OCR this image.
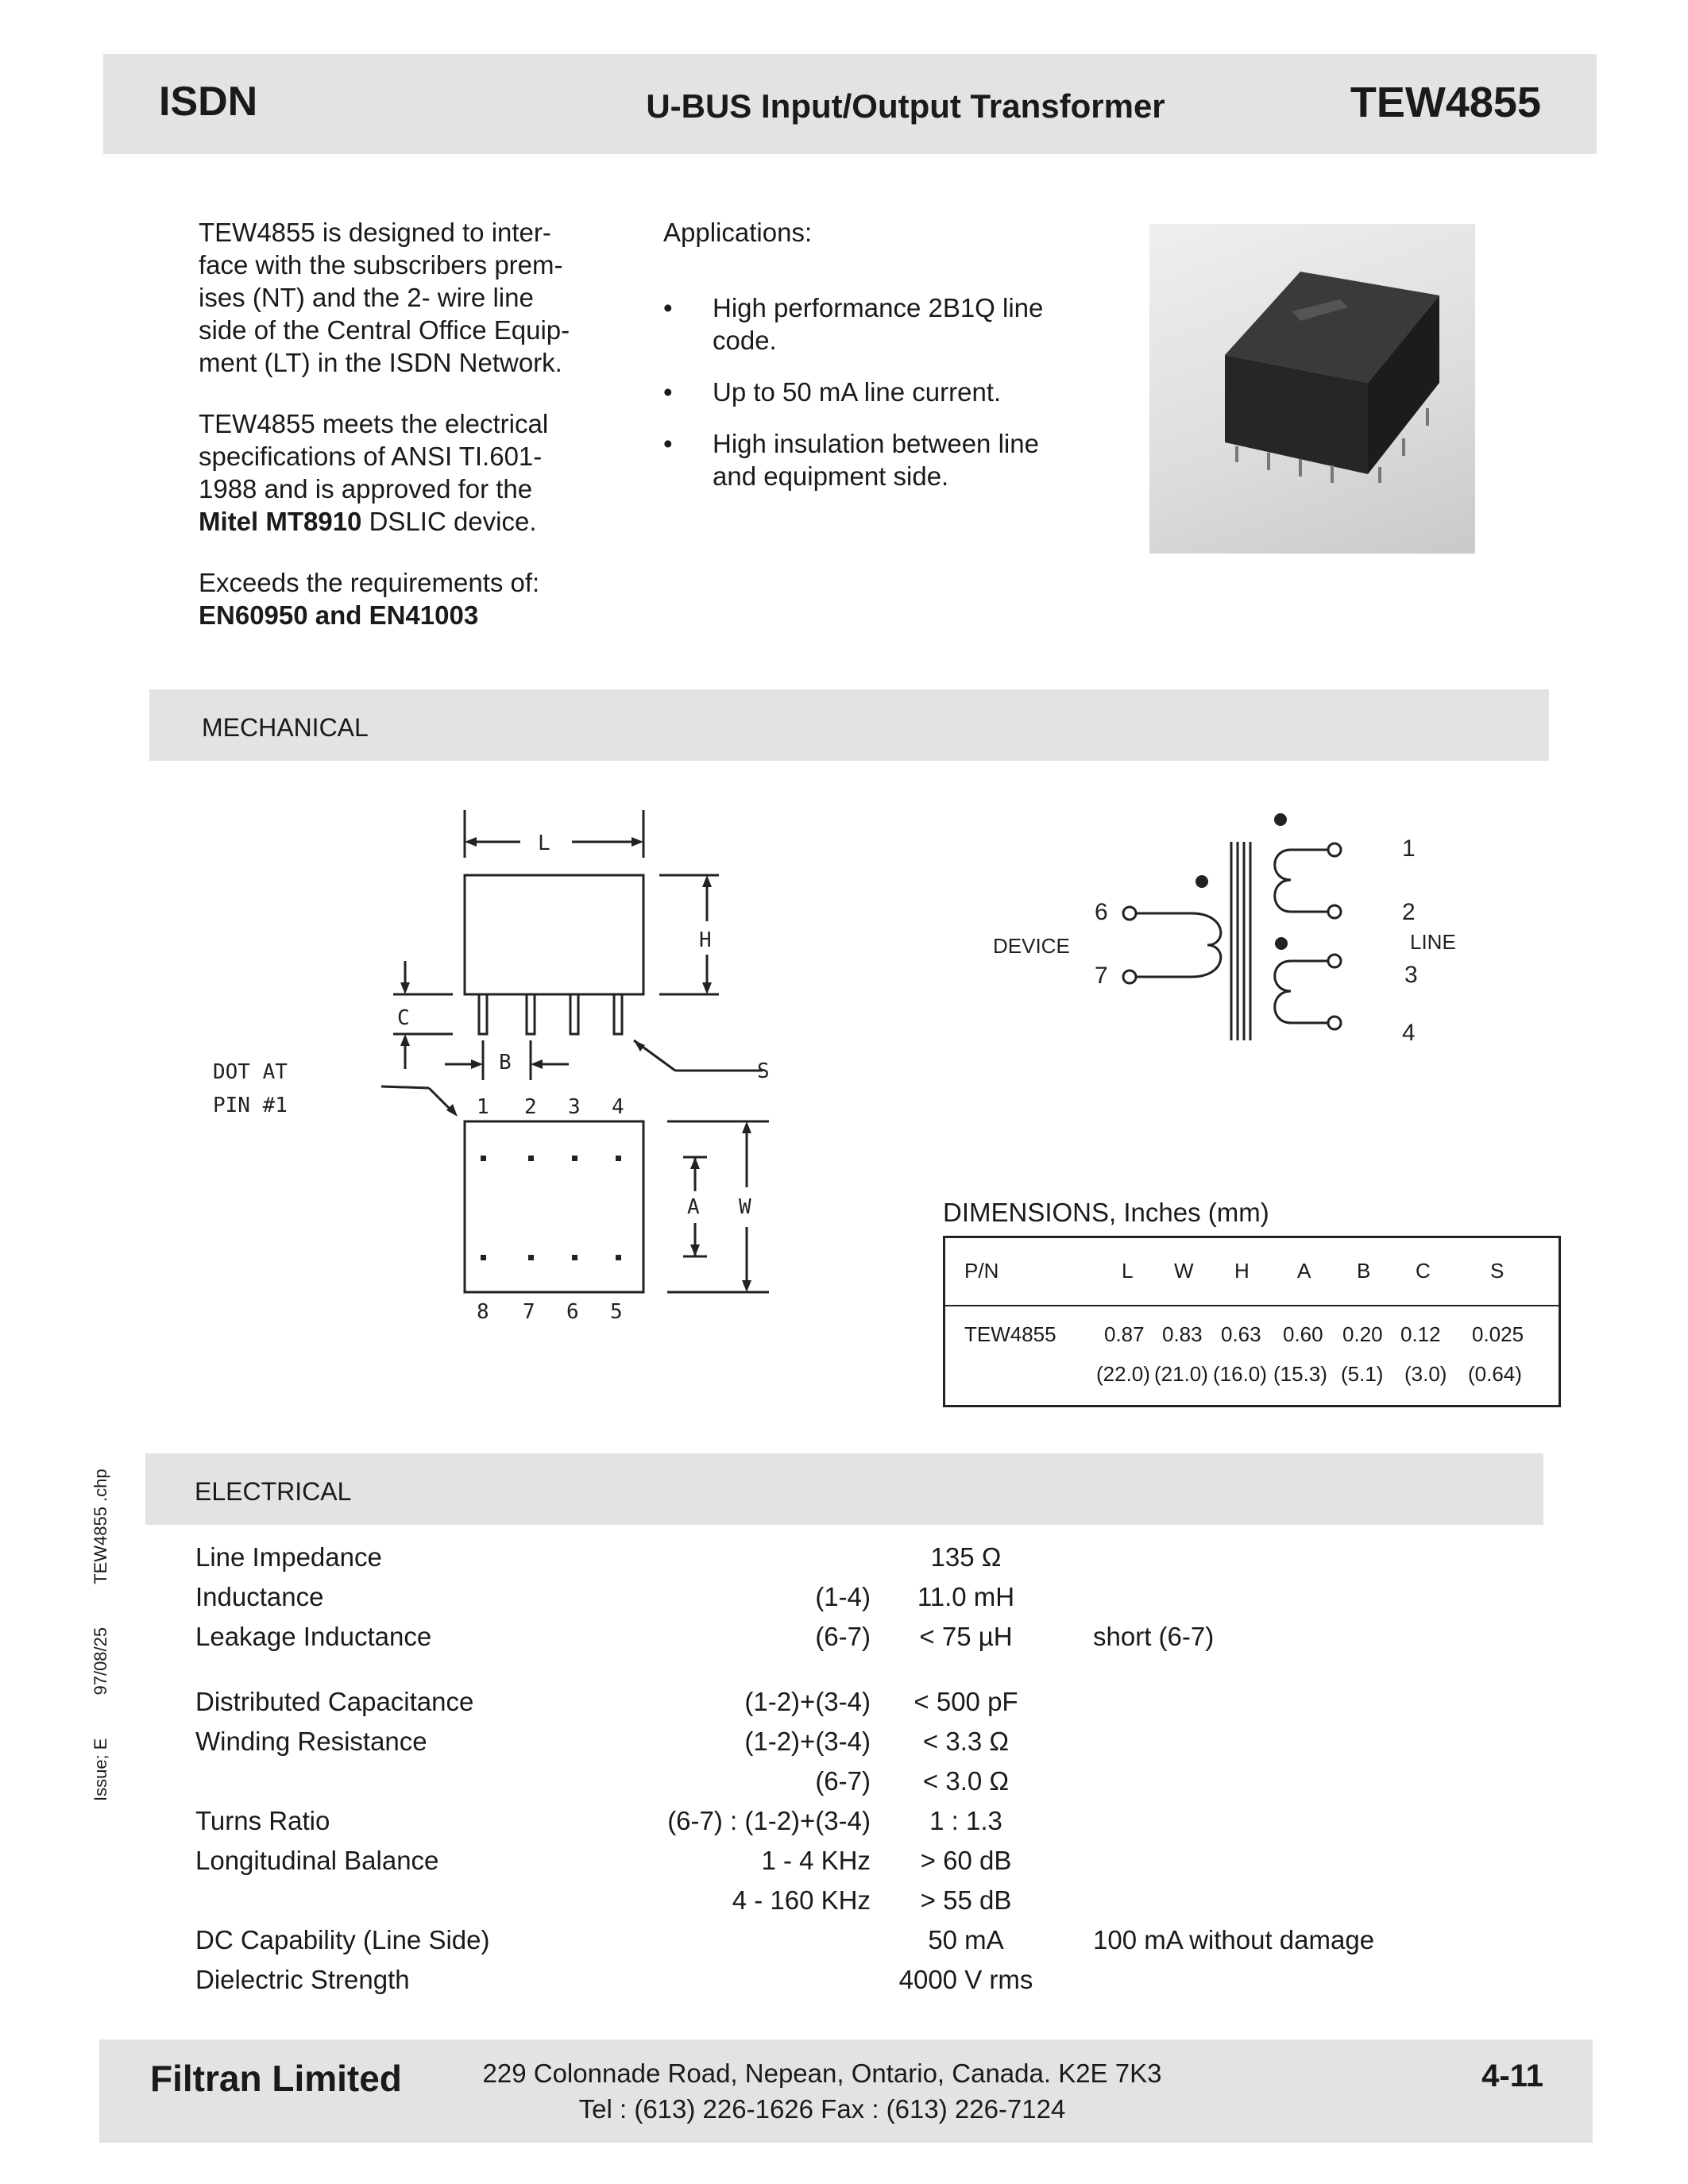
ISDN	U-BUS Input/Output Transformer	TEW4855
TEW4855 is designed to inter-
face with the subscribers prem-
ises (NT) and the 2- wire line
side of the Central Office Equip-
ment (LT) in the ISDN Network.
TEW4855 meets the electrical
specifications of ANSI TI.601-
1988 and is approved for the
Mitel MT8910 DSLIC device.
Exceeds the requirements of:
EN60950 and EN41003
Applications:
• High performance 2B1Q line
code.
• Up to 50 mA line current.
• High insulation between line
and equipment side.
MECHANICAL
L
H
C
B	S
A W
DOT AT
PIN #1	1 2 3 4
8 7 6 5
6
7
DEVICE
1
2
LINE
3
4
DIMENSIONS, Inches (mm)
P/N	L W H A B C	S
TEW4855 0.87 0.83 0.63 0.60 0.20 0.12 0.025
(22.0) (21.0) (16.0) (15.3) (5.1) (3.0) (0.64)
Issue; E97/08/25TEW4855 .chp	ELECTRICAL
Line Impedance	135 Ω
Inductance	(1-4)	11.0 mH
Leakage Inductance	(6-7)	< 75 µH	short (6-7)
Distributed Capacitance	(1-2)+(3-4)	< 500 pF
Winding Resistance	(1-2)+(3-4)	< 3.3 Ω
(6-7)	< 3.0 Ω
Turns Ratio	(6-7) : (1-2)+(3-4)	1 : 1.3
Longitudinal Balance	1 - 4 KHz	> 60 dB
4 - 160 KHz	> 55 dB
DC Capability (Line Side)	50 mA	100 mA without damage
Dielectric Strength	4000 V rms
Filtran Limited	229 Colonnade Road, Nepean, Ontario, Canada. K2E 7K3
Tel : (613) 226-1626 Fax : (613) 226-7124
4-11
